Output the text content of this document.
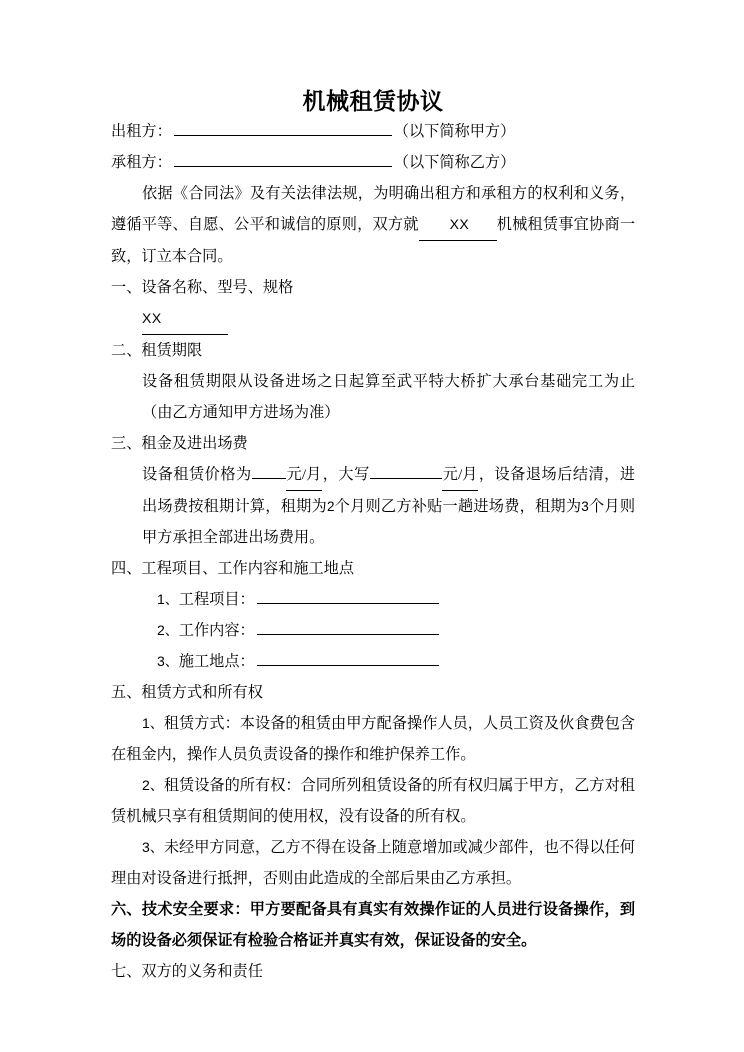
机械租赁协议
出租方：	（以下简称甲方）
承租方：	（以下简称乙方）

依据《合同法》及有关法律法规，为明确出租方和承租方的权利和义务，遵循平等、自愿、公平和诚信的原则，双方就 XX 机械租赁事宜协商一致，订立本合同。

一、设备名称、型号、规格

XX

二、租赁期限

设备租赁期限从设备进场之日起算至武平特大桥扩大承台基础完工为止（由乙方通知甲方进场为准）

三、租金及进出场费

设备租赁价格为 元/月，大写	元/月，设备退场后结清，进出场费按租期计算，租期为2个月则乙方补贴一趟进场费，租期为3个月则甲方承担全部进出场费用。

四、工程项目、工作内容和施工地点

1、工程项目：

2、工作内容：

3、施工地点：

五、租赁方式和所有权

1、租赁方式：本设备的租赁由甲方配备操作人员，人员工资及伙食费包含在租金内，操作人员负责设备的操作和维护保养工作。

2、租赁设备的所有权：合同所列租赁设备的所有权归属于甲方，乙方对租赁机械只享有租赁期间的使用权，没有设备的所有权。

3、未经甲方同意，乙方不得在设备上随意增加或减少部件，也不得以任何理由对设备进行抵押，否则由此造成的全部后果由乙方承担。

六、技术安全要求：甲方要配备具有真实有效操作证的人员进行设备操作，到场的设备必须保证有检验合格证并真实有效，保证设备的安全。

七、双方的义务和责任
